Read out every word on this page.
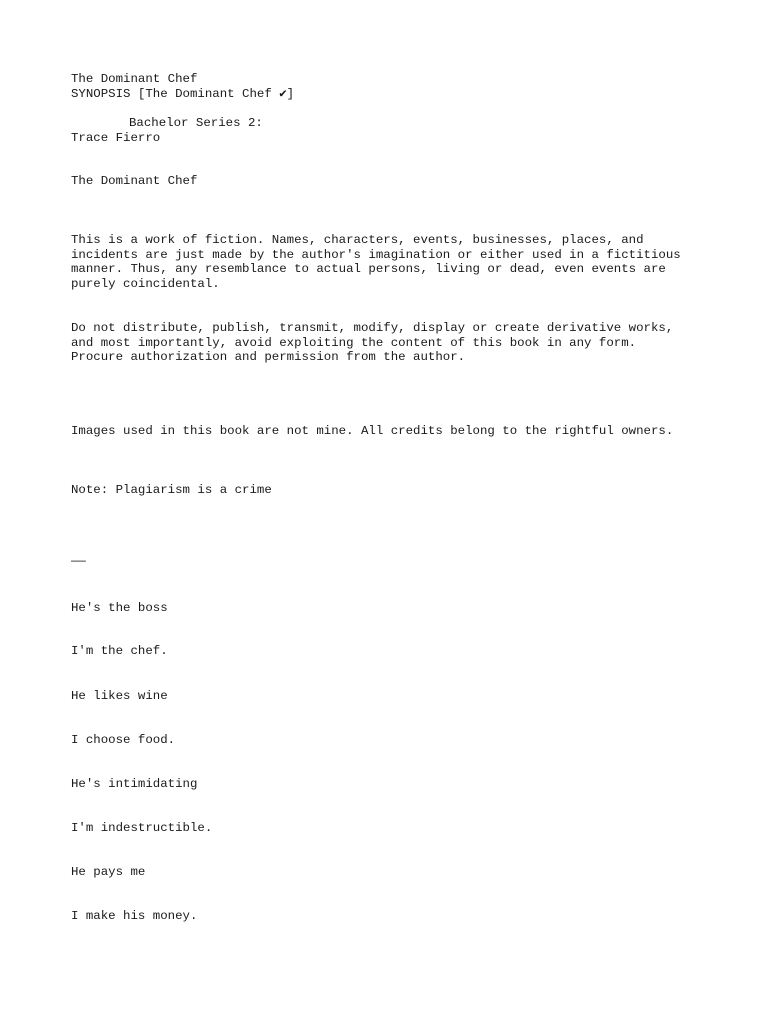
The Dominant Chef
SYNOPSIS [The Dominant Chef ✔]
Bachelor Series 2:
Trace Fierro
The Dominant Chef
This is a work of fiction. Names, characters, events, businesses, places, and
incidents are just made by the author's imagination or either used in a fictitious
manner. Thus, any resemblance to actual persons, living or dead, even events are
purely coincidental.
Do not distribute, publish, transmit, modify, display or create derivative works,
and most importantly, avoid exploiting the content of this book in any form.
Procure authorization and permission from the author.
Images used in this book are not mine. All credits belong to the rightful owners.
Note: Plagiarism is a crime
——
He's the boss
I'm the chef.
He likes wine
I choose food.
He's intimidating
I'm indestructible.
He pays me
I make his money.
